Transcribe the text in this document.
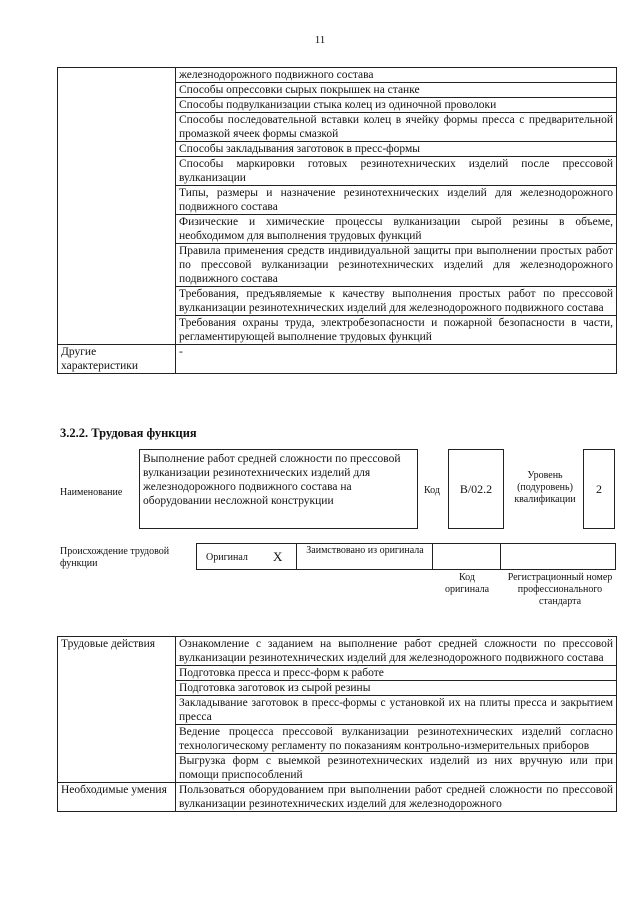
11
	железнодорожного подвижного состава
	Способы опрессовки сырых покрышек на станке
	Способы подвулканизации стыка колец из одиночной проволоки
	Способы последовательной вставки колец в ячейку формы пресса с предварительной промазкой ячеек формы смазкой
	Способы закладывания заготовок в пресс-формы
	Способы маркировки готовых резинотехнических изделий после прессовой вулканизации
	Типы, размеры и назначение резинотехнических изделий для железнодорожного подвижного состава
	Физические и химические процессы вулканизации сырой резины в объеме, необходимом для выполнения трудовых функций
	Правила применения средств индивидуальной защиты при выполнении простых работ по прессовой вулканизации резинотехнических изделий для железнодорожного подвижного состава
	Требования, предъявляемые к качеству выполнения простых работ по прессовой вулканизации резинотехнических изделий для железнодорожного подвижного состава
	Требования охраны труда, электробезопасности и пожарной безопасности в части, регламентирующей выполнение трудовых функций
Другие характеристики	-
3.2.2. Трудовая функция
Наименование
Выполнение работ средней сложности по прессовой вулканизации резинотехнических изделий для железнодорожного подвижного состава на оборудовании несложной конструкции
Код	B/02.2
Уровень (подуровень) квалификации
2
Происхождение трудовой функции
Оригинал X	Заимствовано из оригинала
Код оригинала
Регистрационный номер профессионального стандарта
Трудовые действия	Ознакомление с заданием на выполнение работ средней сложности по прессовой вулканизации резинотехнических изделий для железнодорожного подвижного состава
	Подготовка пресса и пресс-форм к работе
	Подготовка заготовок из сырой резины
	Закладывание заготовок в пресс-формы с установкой их на плиты пресса и закрытием пресса
	Ведение процесса прессовой вулканизации резинотехнических изделий согласно технологическому регламенту по показаниям контрольно-измерительных приборов
	Выгрузка форм с выемкой резинотехнических изделий из них вручную или при помощи приспособлений
Необходимые умения	Пользоваться оборудованием при выполнении работ средней сложности по прессовой вулканизации резинотехнических изделий для железнодорожного
